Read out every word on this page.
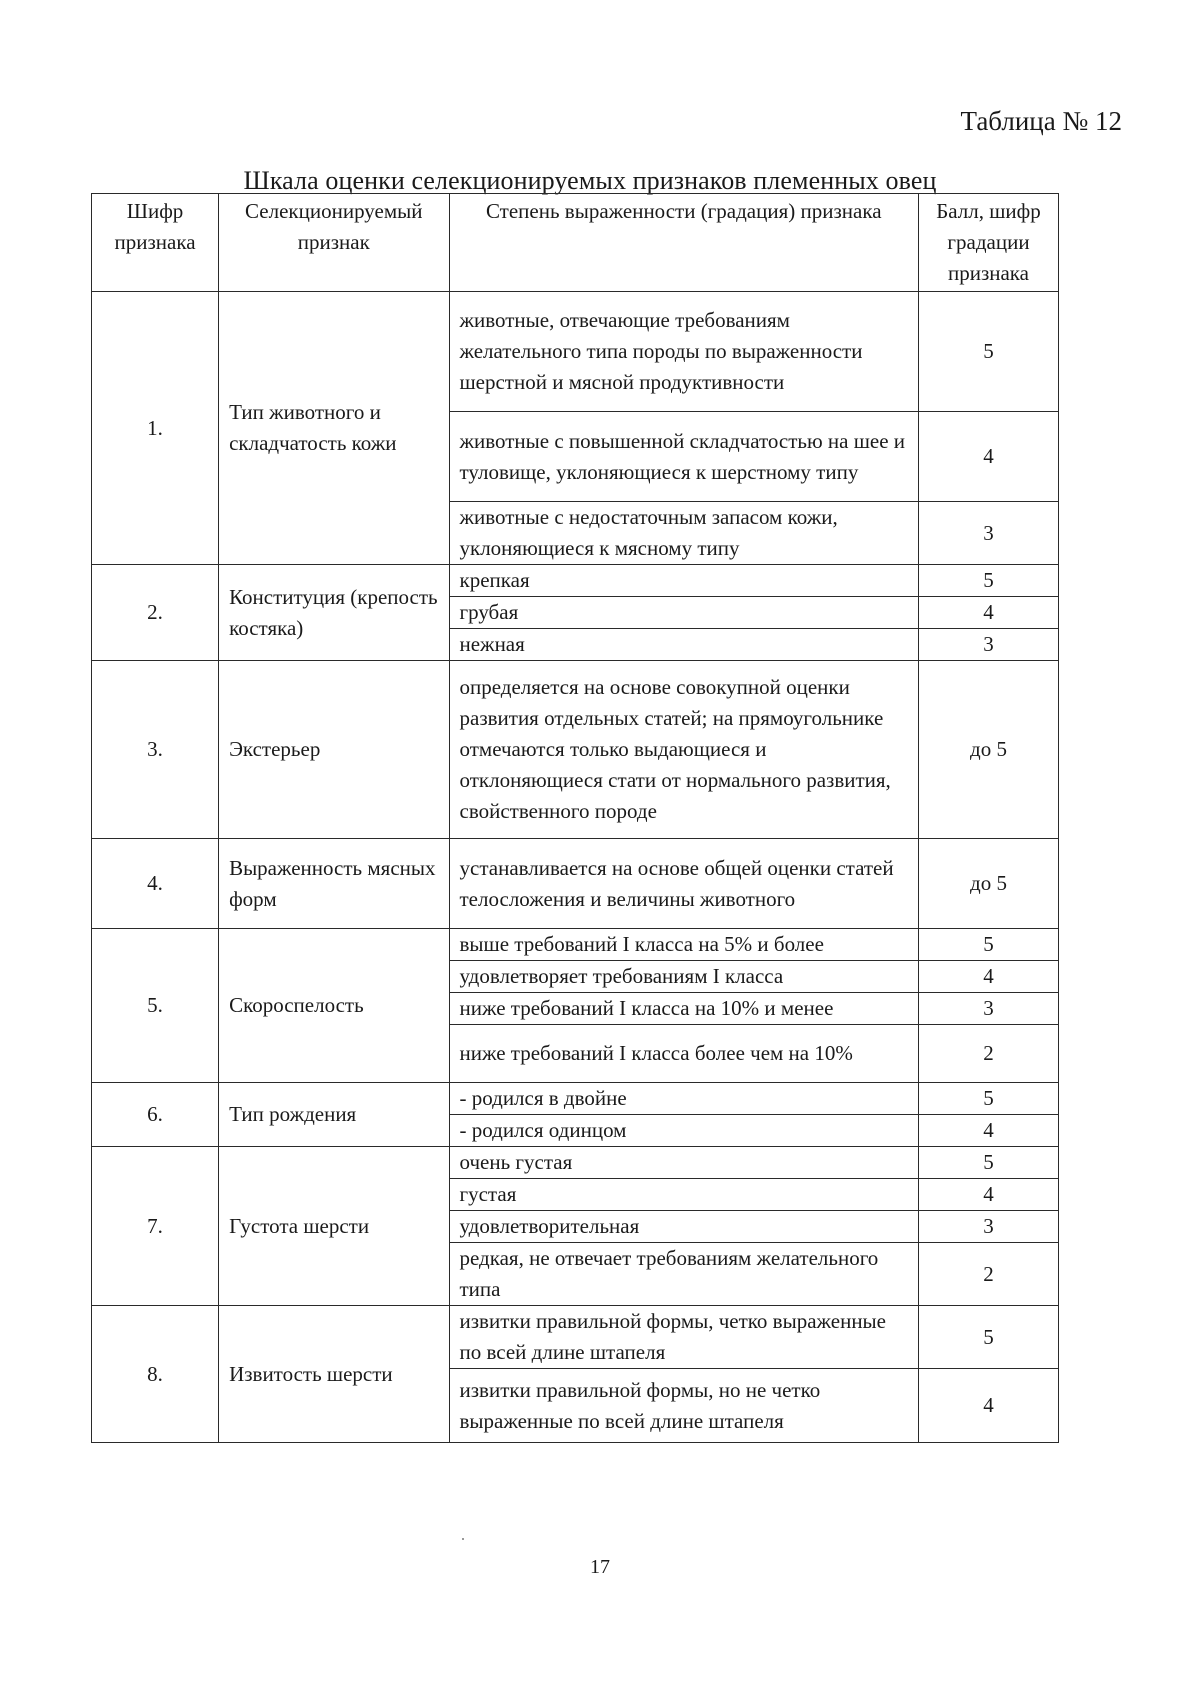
Таблица № 12
Шкала оценки селекционируемых признаков племенных овец
Шифр признака	Селекционируемый признак	Степень выраженности (градация) признака	Балл, шифр градации признака
1.	Тип животного и складчатость кожи	животные, отвечающие требованиям желательного типа породы по выраженности шерстной и мясной продуктивности	5
		животные с повышенной складчатостью на шее и туловище, уклоняющиеся к шерстному типу	4
		животные с недостаточным запасом кожи, уклоняющиеся к мясному типу	3
2.	Конституция (крепость костяка)	крепкая	5
		грубая	4
		нежная	3
3.	Экстерьер	определяется на основе совокупной оценки развития отдельных статей; на прямоугольнике отмечаются только выдающиеся и отклоняющиеся стати от нормального развития, свойственного породе	до 5
4.	Выраженность мясных форм	устанавливается на основе общей оценки статей телосложения и величины животного	до 5
5.	Скороспелость	выше требований I класса на 5% и более	5
		удовлетворяет требованиям I класса	4
		ниже требований I класса на 10% и менее	3
		ниже требований I класса более чем на 10%	2
6.	Тип рождения	- родился в двойне	5
		- родился одинцом	4
7.	Густота шерсти	очень густая	5
		густая	4
		удовлетворительная	3
		редкая, не отвечает требованиям желательного типа	2
8.	Извитость шерсти	извитки правильной формы, четко выраженные по всей длине штапеля	5
		извитки правильной формы, но не четко выраженные по всей длине штапеля	4
17
